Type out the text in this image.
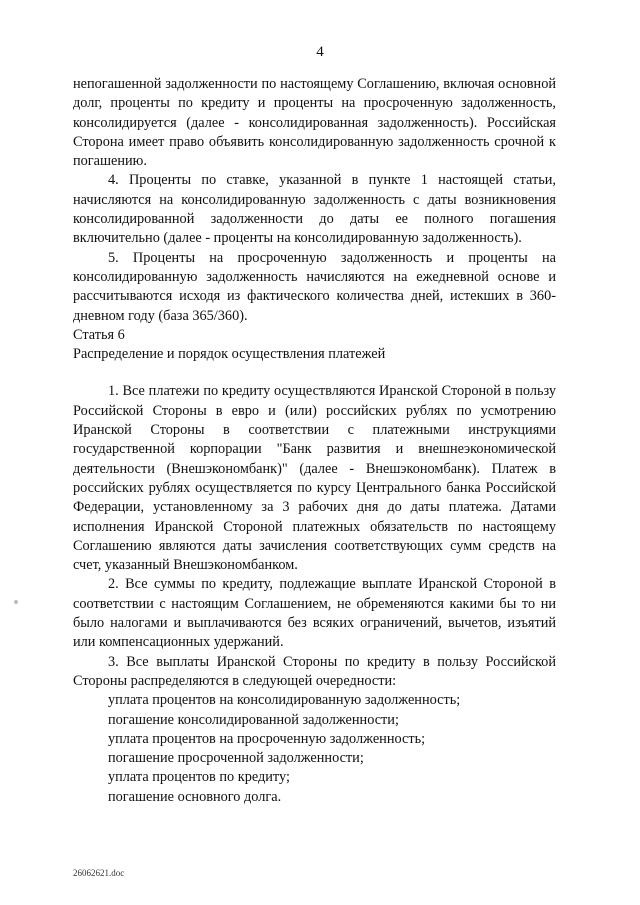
4

непогашенной задолженности по настоящему Соглашению, включая основной долг, проценты по кредиту и проценты на просроченную задолженность, консолидируется (далее - консолидированная задолженность). Российская Сторона имеет право объявить консолидированную задолженность срочной к погашению.

4. Проценты по ставке, указанной в пункте 1 настоящей статьи, начисляются на консолидированную задолженность с даты возникновения консолидированной задолженности до даты ее полного погашения включительно (далее - проценты на консолидированную задолженность).

5. Проценты на просроченную задолженность и проценты на консолидированную задолженность начисляются на ежедневной основе и рассчитываются исходя из фактического количества дней, истекших в 360-дневном году (база 365/360).

Статья 6

Распределение и порядок осуществления платежей

1. Все платежи по кредиту осуществляются Иранской Стороной в пользу Российской Стороны в евро и (или) российских рублях по усмотрению Иранской Стороны в соответствии с платежными инструкциями государственной корпорации "Банк развития и внешнеэкономической деятельности (Внешэкономбанк)" (далее - Внешэкономбанк). Платеж в российских рублях осуществляется по курсу Центрального банка Российской Федерации, установленному за 3 рабочих дня до даты платежа. Датами исполнения Иранской Стороной платежных обязательств по настоящему Соглашению являются даты зачисления соответствующих сумм средств на счет, указанный Внешэкономбанком.

2. Все суммы по кредиту, подлежащие выплате Иранской Стороной в соответствии с настоящим Соглашением, не обременяются какими бы то ни было налогами и выплачиваются без всяких ограничений, вычетов, изъятий или компенсационных удержаний.

3. Все выплаты Иранской Стороны по кредиту в пользу Российской Стороны распределяются в следующей очередности:

уплата процентов на консолидированную задолженность;
погашение консолидированной задолженности;
уплата процентов на просроченную задолженность;
погашение просроченной задолженности;
уплата процентов по кредиту;
погашение основного долга.
26062621.doc
